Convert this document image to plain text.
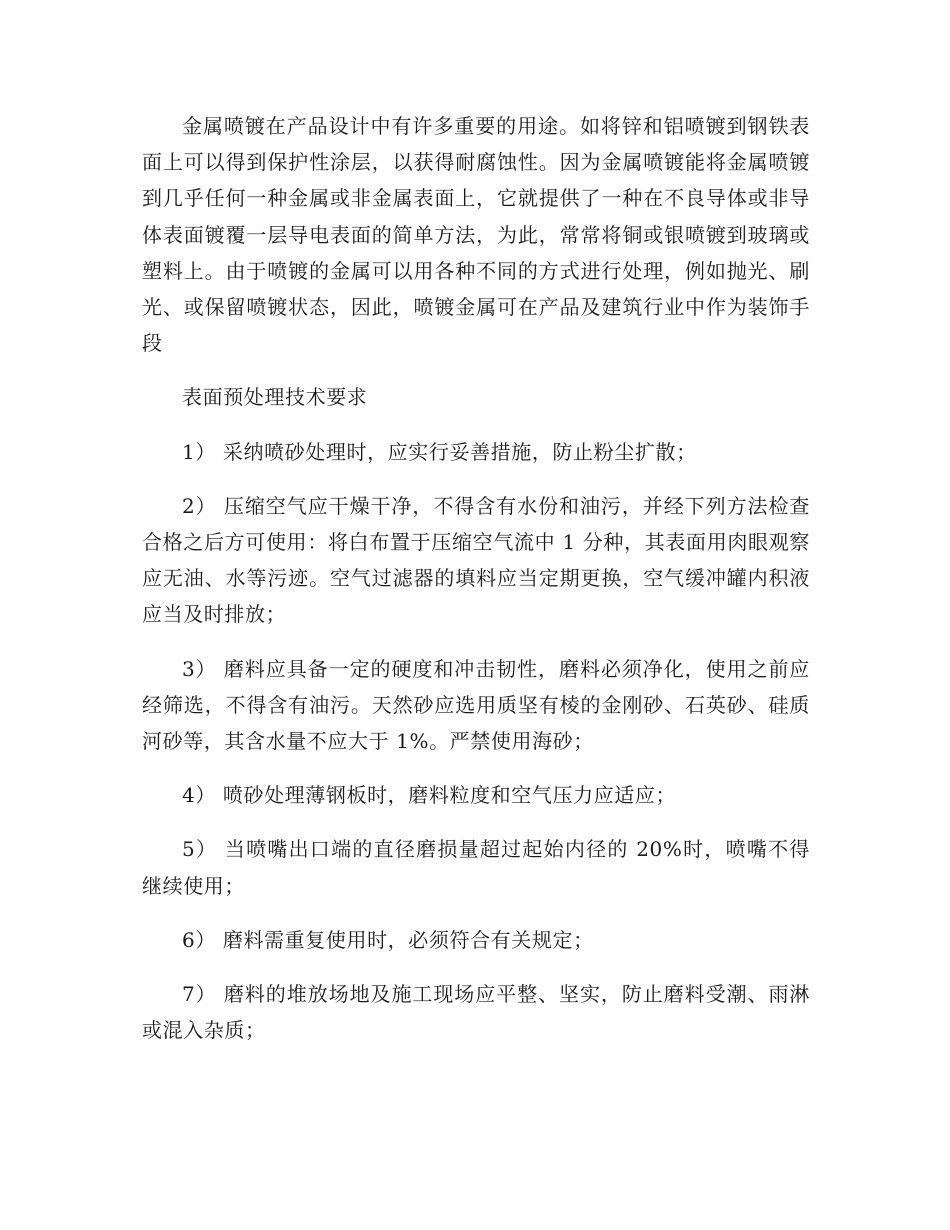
金属喷镀在产品设计中有许多重要的用途。如将锌和铝喷镀到钢铁表面上可以得到保护性涂层，以获得耐腐蚀性。因为金属喷镀能将金属喷镀到几乎任何一种金属或非金属表面上，它就提供了一种在不良导体或非导体表面镀覆一层导电表面的简单方法，为此，常常将铜或银喷镀到玻璃或塑料上。由于喷镀的金属可以用各种不同的方式进行处理，例如抛光、刷光、或保留喷镀状态，因此，喷镀金属可在产品及建筑行业中作为装饰手段

表面预处理技术要求

1） 采纳喷砂处理时，应实行妥善措施，防止粉尘扩散；

2） 压缩空气应干燥干净，不得含有水份和油污，并经下列方法检查合格之后方可使用：将白布置于压缩空气流中 1 分种，其表面用肉眼观察应无油、水等污迹。空气过滤器的填料应当定期更换，空气缓冲罐内积液应当及时排放；

3） 磨料应具备一定的硬度和冲击韧性，磨料必须净化，使用之前应经筛选，不得含有油污。天然砂应选用质坚有棱的金刚砂、石英砂、硅质河砂等，其含水量不应大于 1%。严禁使用海砂；

4） 喷砂处理薄钢板时，磨料粒度和空气压力应适应；

5） 当喷嘴出口端的直径磨损量超过起始内径的 20%时，喷嘴不得继续使用；

6） 磨料需重复使用时，必须符合有关规定；

7） 磨料的堆放场地及施工现场应平整、坚实，防止磨料受潮、雨淋或混入杂质；
